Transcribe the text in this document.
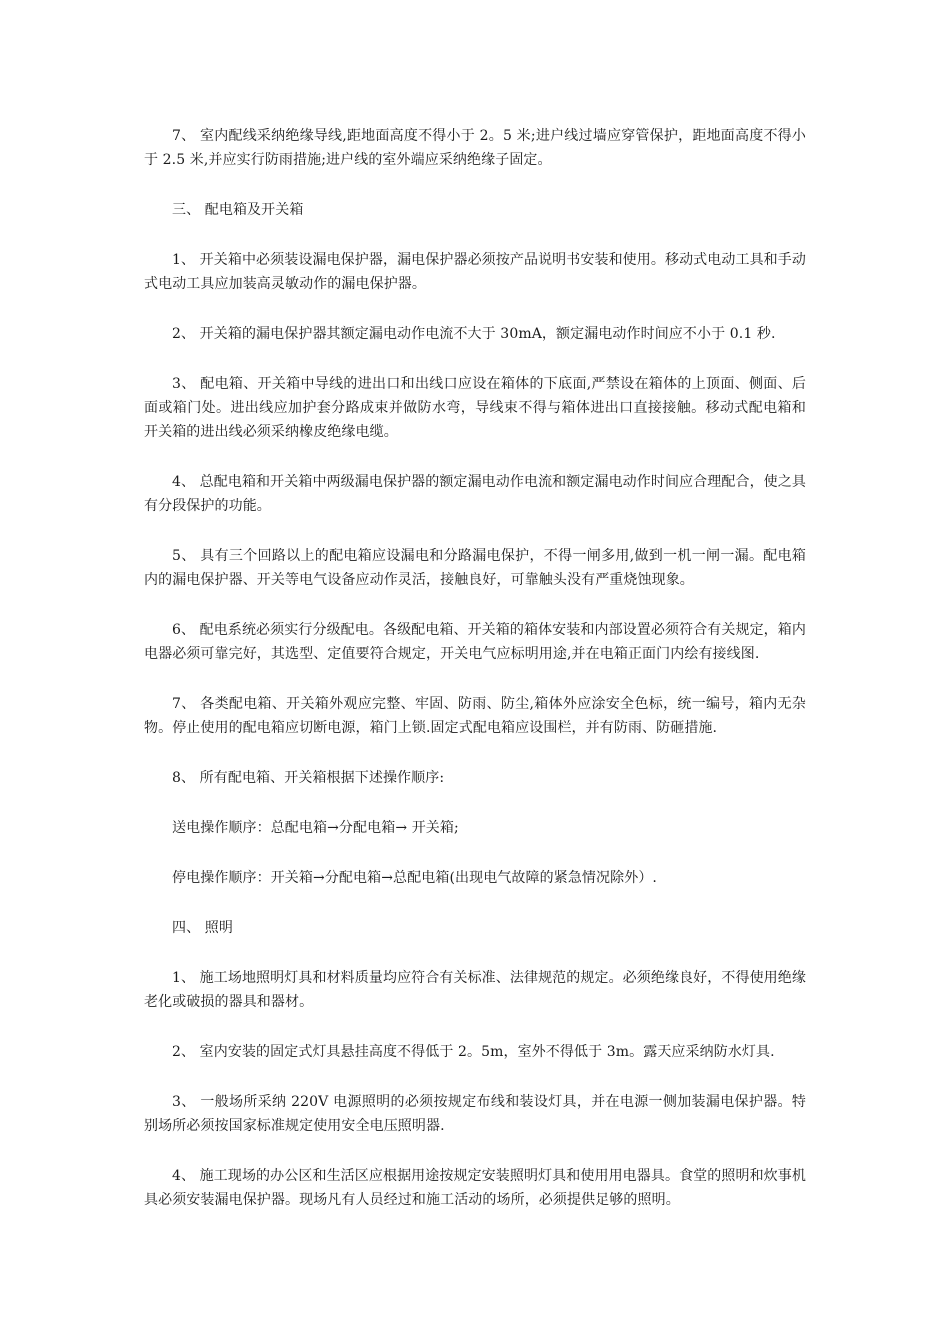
7、 室内配线采纳绝缘导线,距地面高度不得小于 2。5 米;进户线过墙应穿管保护，距地面高度不得小于 2.5 米,并应实行防雨措施;进户线的室外端应采纳绝缘子固定。

三、 配电箱及开关箱

1、 开关箱中必须装设漏电保护器，漏电保护器必须按产品说明书安装和使用。移动式电动工具和手动式电动工具应加装高灵敏动作的漏电保护器。

2、 开关箱的漏电保护器其额定漏电动作电流不大于 30mA，额定漏电动作时间应不小于 0.1 秒.

3、 配电箱、开关箱中导线的进出口和出线口应设在箱体的下底面,严禁设在箱体的上顶面、侧面、后面或箱门处。进出线应加护套分路成束并做防水弯，导线束不得与箱体进出口直接接触。移动式配电箱和开关箱的进出线必须采纳橡皮绝缘电缆。

4、 总配电箱和开关箱中两级漏电保护器的额定漏电动作电流和额定漏电动作时间应合理配合，使之具有分段保护的功能。

5、 具有三个回路以上的配电箱应设漏电和分路漏电保护，不得一闸多用,做到一机一闸一漏。配电箱内的漏电保护器、开关等电气设备应动作灵活，接触良好，可靠触头没有严重烧蚀现象。

6、 配电系统必须实行分级配电。各级配电箱、开关箱的箱体安装和内部设置必须符合有关规定，箱内电器必须可靠完好，其选型、定值要符合规定，开关电气应标明用途,并在电箱正面门内绘有接线图.

7、 各类配电箱、开关箱外观应完整、牢固、防雨、防尘,箱体外应涂安全色标，统一编号，箱内无杂物。停止使用的配电箱应切断电源，箱门上锁.固定式配电箱应设围栏，并有防雨、防砸措施.

8、 所有配电箱、开关箱根据下述操作顺序:

送电操作顺序：总配电箱→分配电箱→ 开关箱;

停电操作顺序：开关箱→分配电箱→总配电箱(出现电气故障的紧急情况除外）.

四、 照明

1、 施工场地照明灯具和材料质量均应符合有关标准、法律规范的规定。必须绝缘良好，不得使用绝缘老化或破损的器具和器材。

2、 室内安装的固定式灯具悬挂高度不得低于 2。5m，室外不得低于 3m。露天应采纳防水灯具.

3、 一般场所采纳 220V 电源照明的必须按规定布线和装设灯具，并在电源一侧加装漏电保护器。特别场所必须按国家标准规定使用安全电压照明器.

4、 施工现场的办公区和生活区应根据用途按规定安装照明灯具和使用用电器具。食堂的照明和炊事机具必须安装漏电保护器。现场凡有人员经过和施工活动的场所，必须提供足够的照明。
